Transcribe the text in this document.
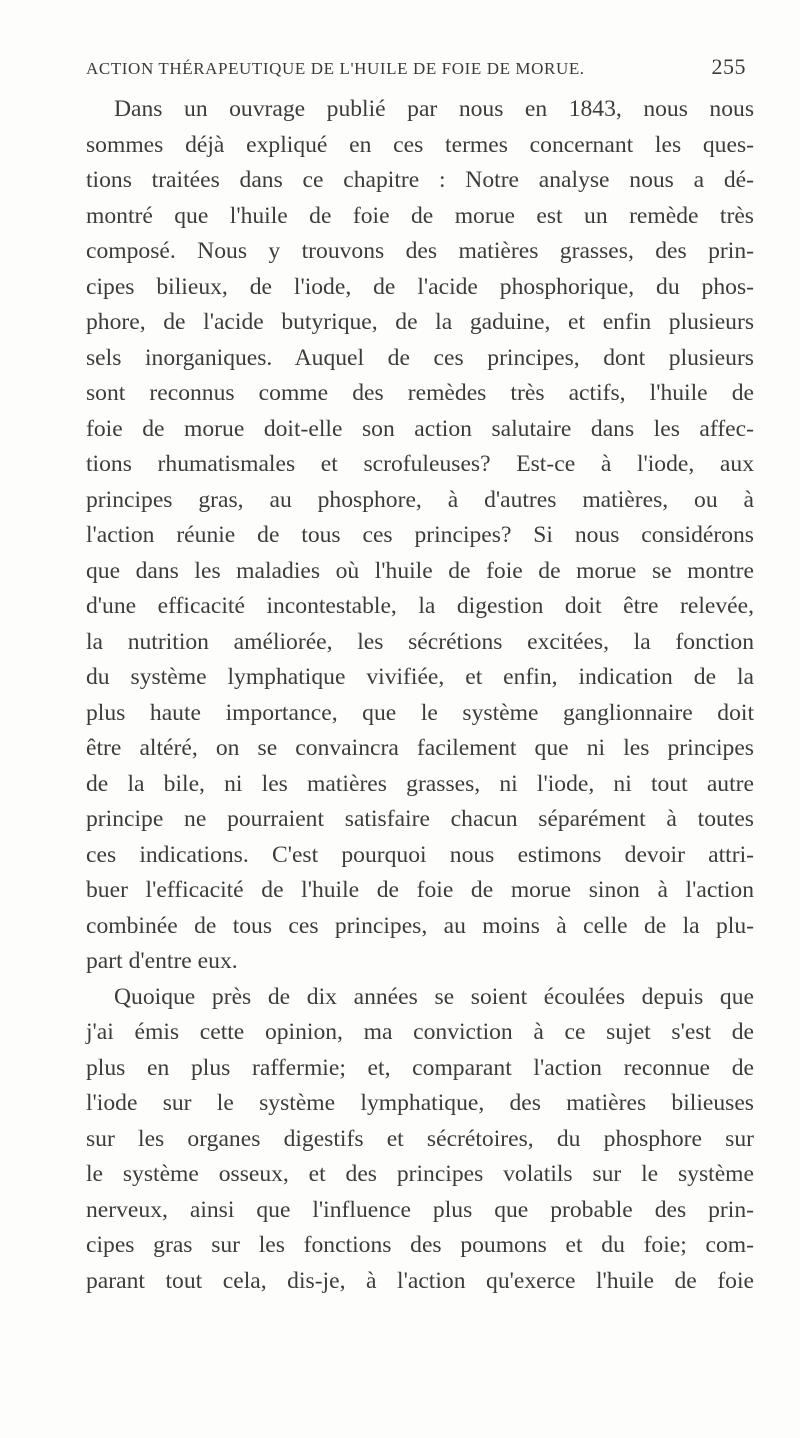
ACTION THÉRAPEUTIQUE DE L'HUILE DE FOIE DE MORUE.	255
Dans un ouvrage publié par nous en 1843, nous nous
sommes déjà expliqué en ces termes concernant les ques-
tions traitées dans ce chapitre : Notre analyse nous a dé-
montré que l'huile de foie de morue est un remède très
composé. Nous y trouvons des matières grasses, des prin-
cipes bilieux, de l'iode, de l'acide phosphorique, du phos-
phore, de l'acide butyrique, de la gaduine, et enfin plusieurs
sels inorganiques. Auquel de ces principes, dont plusieurs
sont reconnus comme des remèdes très actifs, l'huile de
foie de morue doit-elle son action salutaire dans les affec-
tions rhumatismales et scrofuleuses? Est-ce à l'iode, aux
principes gras, au phosphore, à d'autres matières, ou à
l'action réunie de tous ces principes? Si nous considérons
que dans les maladies où l'huile de foie de morue se montre
d'une efficacité incontestable, la digestion doit être relevée,
la nutrition améliorée, les sécrétions excitées, la fonction
du système lymphatique vivifiée, et enfin, indication de la
plus haute importance, que le système ganglionnaire doit
être altéré, on se convaincra facilement que ni les principes
de la bile, ni les matières grasses, ni l'iode, ni tout autre
principe ne pourraient satisfaire chacun séparément à toutes
ces indications. C'est pourquoi nous estimons devoir attri-
buer l'efficacité de l'huile de foie de morue sinon à l'action
combinée de tous ces principes, au moins à celle de la plu-
part d'entre eux.
Quoique près de dix années se soient écoulées depuis que
j'ai émis cette opinion, ma conviction à ce sujet s'est de
plus en plus raffermie; et, comparant l'action reconnue de
l'iode sur le système lymphatique, des matières bilieuses
sur les organes digestifs et sécrétoires, du phosphore sur
le système osseux, et des principes volatils sur le système
nerveux, ainsi que l'influence plus que probable des prin-
cipes gras sur les fonctions des poumons et du foie; com-
parant tout cela, dis-je, à l'action qu'exerce l'huile de foie
